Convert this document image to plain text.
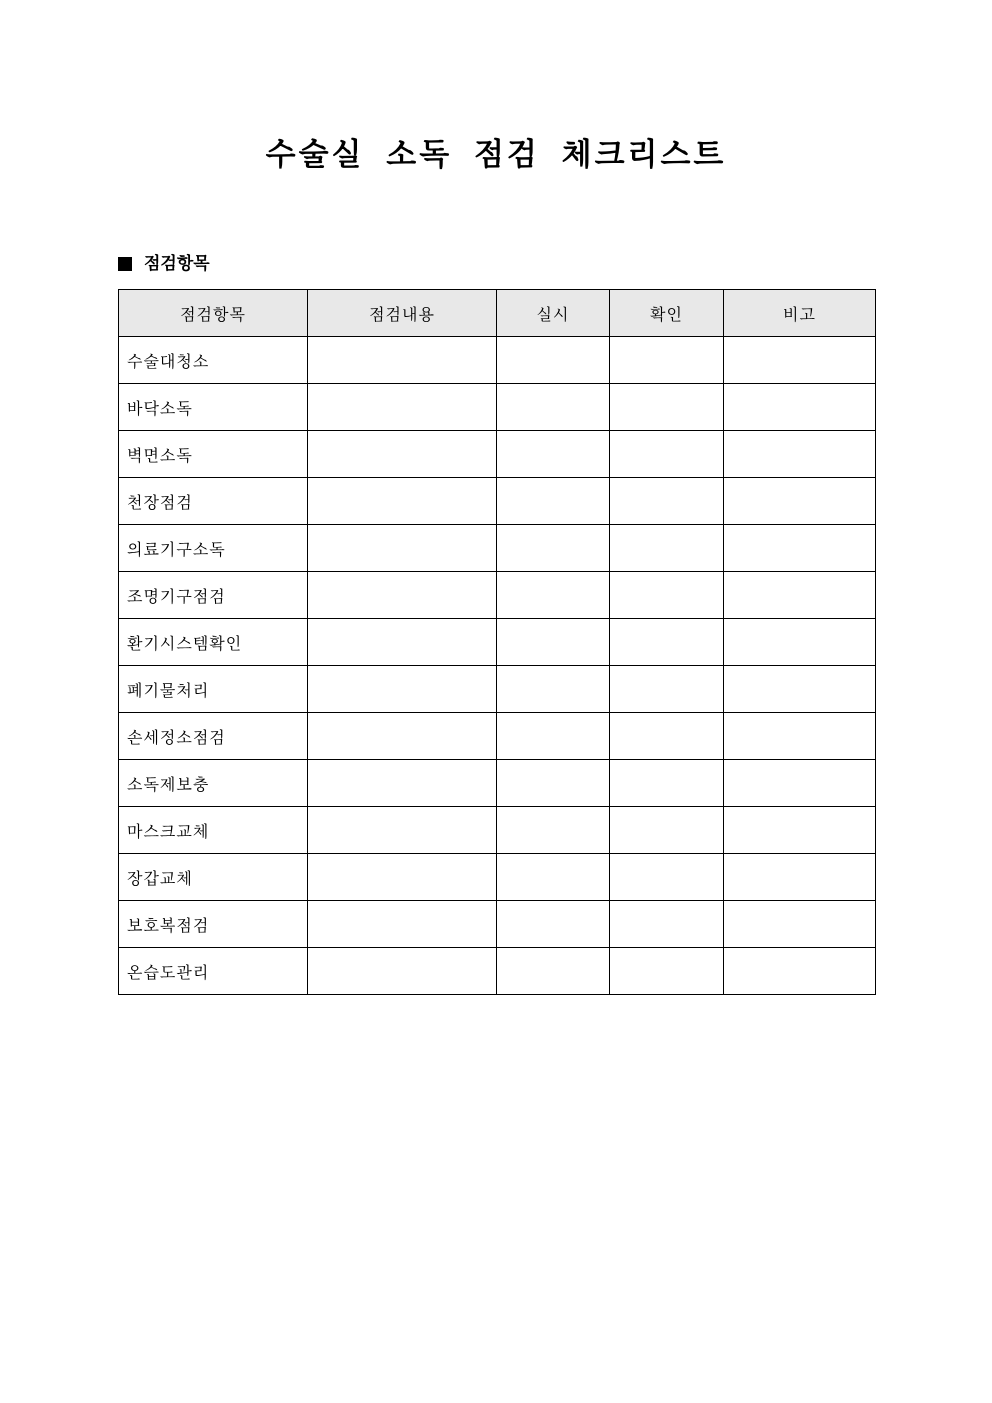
수술실 소독 점검 체크리스트
점검항목
점검항목	점검내용	실시	확인	비고
수술대청소				
바닥소독				
벽면소독				
천장점검				
의료기구소독				
조명기구점검				
환기시스템확인				
폐기물처리				
손세정소점검				
소독제보충				
마스크교체				
장갑교체				
보호복점검				
온습도관리				
